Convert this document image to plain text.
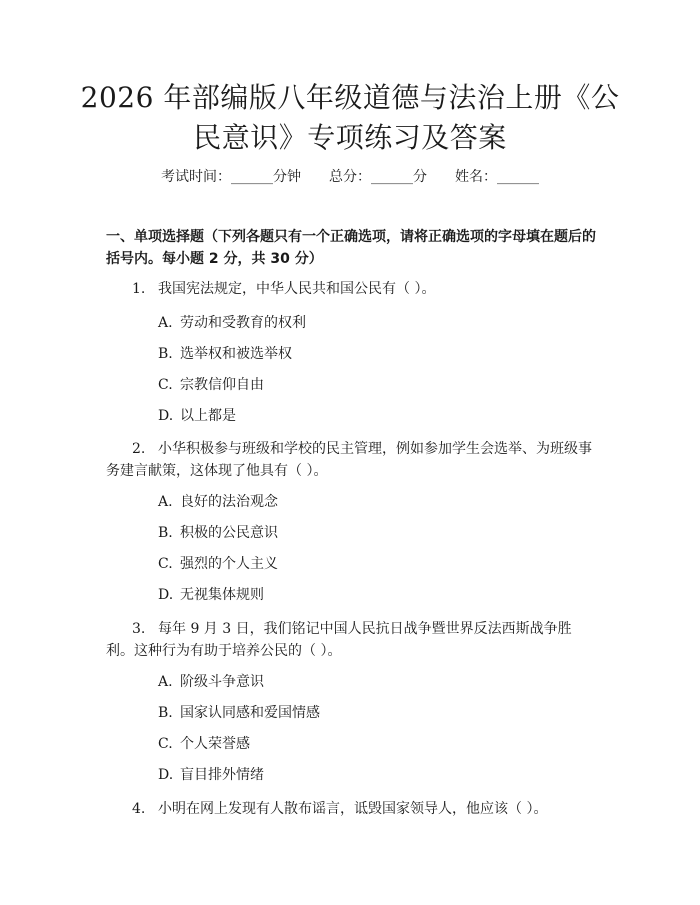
2026 年部编版八年级道德与法治上册《公民意识》专项练习及答案
考试时间：______分钟 总分：______分 姓名：______
一、单项选择题（下列各题只有一个正确选项，请将正确选项的字母填在题后的括号内。每小题 2 分，共 30 分）
1. 我国宪法规定，中华人民共和国公民有（ ）。
A. 劳动和受教育的权利
B. 选举权和被选举权
C. 宗教信仰自由
D. 以上都是
2. 小华积极参与班级和学校的民主管理，例如参加学生会选举、为班级事务建言献策，这体现了他具有（ ）。
A. 良好的法治观念
B. 积极的公民意识
C. 强烈的个人主义
D. 无视集体规则
3. 每年 9 月 3 日，我们铭记中国人民抗日战争暨世界反法西斯战争胜利。这种行为有助于培养公民的（ ）。
A. 阶级斗争意识
B. 国家认同感和爱国情感
C. 个人荣誉感
D. 盲目排外情绪
4. 小明在网上发现有人散布谣言，诋毁国家领导人，他应该（ ）。
